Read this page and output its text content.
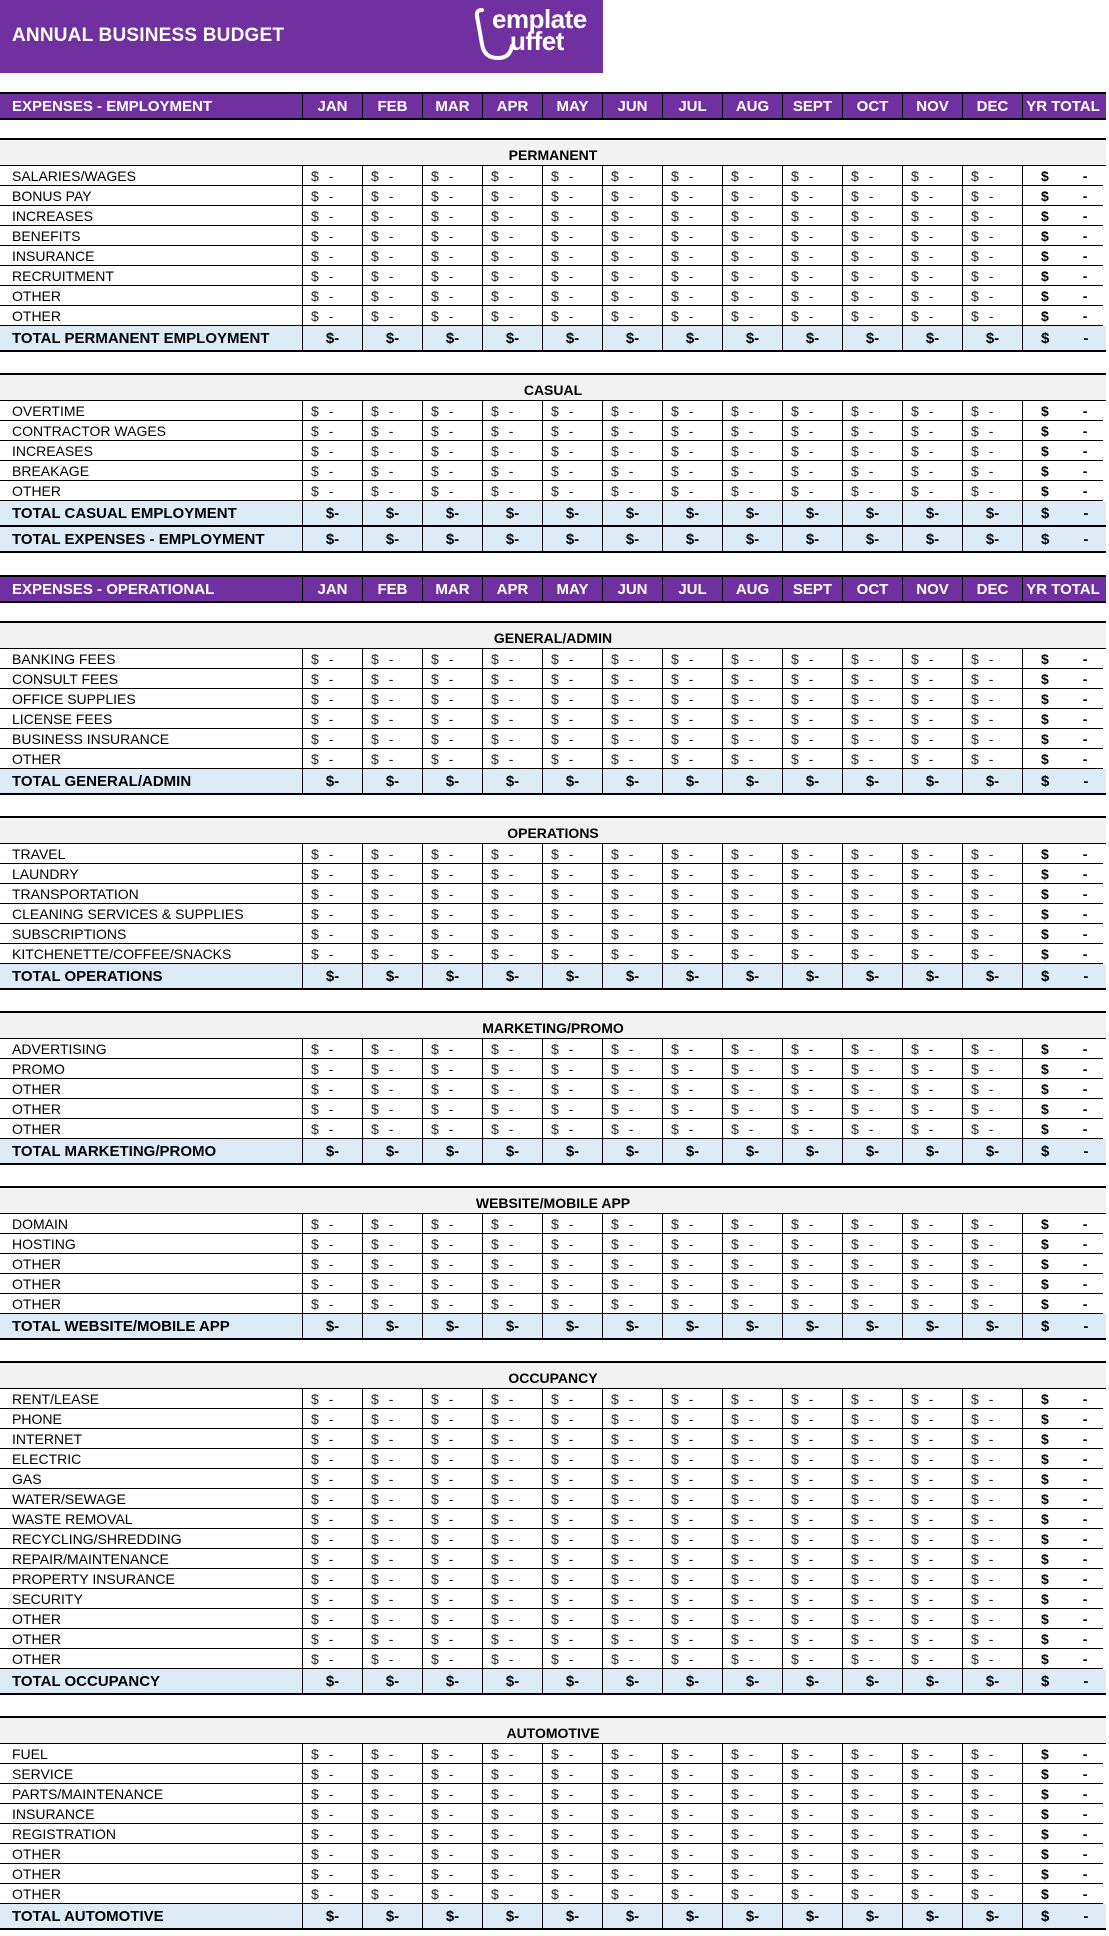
ANNUAL BUSINESS BUDGET
emplate
uffet
EXPENSES - EMPLOYMENT	JAN	FEB	MAR	APR	MAY	JUN	JUL	AUG	SEPT	OCT	NOV	DEC	YR TOTAL
PERMANENT
SALARIES/WAGES	$ -	$ -	$ -	$ -	$ -	$ -	$ -	$ -	$ -	$ -	$ -	$ -	$ -
BONUS PAY	$ -	$ -	$ -	$ -	$ -	$ -	$ -	$ -	$ -	$ -	$ -	$ -	$ -
INCREASES	$ -	$ -	$ -	$ -	$ -	$ -	$ -	$ -	$ -	$ -	$ -	$ -	$ -
BENEFITS	$ -	$ -	$ -	$ -	$ -	$ -	$ -	$ -	$ -	$ -	$ -	$ -	$ -
INSURANCE	$ -	$ -	$ -	$ -	$ -	$ -	$ -	$ -	$ -	$ -	$ -	$ -	$ -
RECRUITMENT	$ -	$ -	$ -	$ -	$ -	$ -	$ -	$ -	$ -	$ -	$ -	$ -	$ -
OTHER	$ -	$ -	$ -	$ -	$ -	$ -	$ -	$ -	$ -	$ -	$ -	$ -	$ -
OTHER	$ -	$ -	$ -	$ -	$ -	$ -	$ -	$ -	$ -	$ -	$ -	$ -	$ -
TOTAL PERMANENT EMPLOYMENT	$ -	$ -	$ -	$ -	$ -	$ -	$ -	$ -	$ -	$ -	$ -	$ -	$ -
CASUAL
OVERTIME	$ -	$ -	$ -	$ -	$ -	$ -	$ -	$ -	$ -	$ -	$ -	$ -	$ -
CONTRACTOR WAGES	$ -	$ -	$ -	$ -	$ -	$ -	$ -	$ -	$ -	$ -	$ -	$ -	$ -
INCREASES	$ -	$ -	$ -	$ -	$ -	$ -	$ -	$ -	$ -	$ -	$ -	$ -	$ -
BREAKAGE	$ -	$ -	$ -	$ -	$ -	$ -	$ -	$ -	$ -	$ -	$ -	$ -	$ -
OTHER	$ -	$ -	$ -	$ -	$ -	$ -	$ -	$ -	$ -	$ -	$ -	$ -	$ -
TOTAL CASUAL EMPLOYMENT	$ -	$ -	$ -	$ -	$ -	$ -	$ -	$ -	$ -	$ -	$ -	$ -	$ -
TOTAL EXPENSES - EMPLOYMENT	$ -	$ -	$ -	$ -	$ -	$ -	$ -	$ -	$ -	$ -	$ -	$ -	$ -
EXPENSES - OPERATIONAL	JAN	FEB	MAR	APR	MAY	JUN	JUL	AUG	SEPT	OCT	NOV	DEC	YR TOTAL
GENERAL/ADMIN
BANKING FEES	$ -	$ -	$ -	$ -	$ -	$ -	$ -	$ -	$ -	$ -	$ -	$ -	$ -
CONSULT FEES	$ -	$ -	$ -	$ -	$ -	$ -	$ -	$ -	$ -	$ -	$ -	$ -	$ -
OFFICE SUPPLIES	$ -	$ -	$ -	$ -	$ -	$ -	$ -	$ -	$ -	$ -	$ -	$ -	$ -
LICENSE FEES	$ -	$ -	$ -	$ -	$ -	$ -	$ -	$ -	$ -	$ -	$ -	$ -	$ -
BUSINESS INSURANCE	$ -	$ -	$ -	$ -	$ -	$ -	$ -	$ -	$ -	$ -	$ -	$ -	$ -
OTHER	$ -	$ -	$ -	$ -	$ -	$ -	$ -	$ -	$ -	$ -	$ -	$ -	$ -
TOTAL GENERAL/ADMIN	$ -	$ -	$ -	$ -	$ -	$ -	$ -	$ -	$ -	$ -	$ -	$ -	$ -
OPERATIONS
TRAVEL	$ -	$ -	$ -	$ -	$ -	$ -	$ -	$ -	$ -	$ -	$ -	$ -	$ -
LAUNDRY	$ -	$ -	$ -	$ -	$ -	$ -	$ -	$ -	$ -	$ -	$ -	$ -	$ -
TRANSPORTATION	$ -	$ -	$ -	$ -	$ -	$ -	$ -	$ -	$ -	$ -	$ -	$ -	$ -
CLEANING SERVICES & SUPPLIES	$ -	$ -	$ -	$ -	$ -	$ -	$ -	$ -	$ -	$ -	$ -	$ -	$ -
SUBSCRIPTIONS	$ -	$ -	$ -	$ -	$ -	$ -	$ -	$ -	$ -	$ -	$ -	$ -	$ -
KITCHENETTE/COFFEE/SNACKS	$ -	$ -	$ -	$ -	$ -	$ -	$ -	$ -	$ -	$ -	$ -	$ -	$ -
TOTAL OPERATIONS	$ -	$ -	$ -	$ -	$ -	$ -	$ -	$ -	$ -	$ -	$ -	$ -	$ -
MARKETING/PROMO
ADVERTISING	$ -	$ -	$ -	$ -	$ -	$ -	$ -	$ -	$ -	$ -	$ -	$ -	$ -
PROMO	$ -	$ -	$ -	$ -	$ -	$ -	$ -	$ -	$ -	$ -	$ -	$ -	$ -
OTHER	$ -	$ -	$ -	$ -	$ -	$ -	$ -	$ -	$ -	$ -	$ -	$ -	$ -
OTHER	$ -	$ -	$ -	$ -	$ -	$ -	$ -	$ -	$ -	$ -	$ -	$ -	$ -
OTHER	$ -	$ -	$ -	$ -	$ -	$ -	$ -	$ -	$ -	$ -	$ -	$ -	$ -
TOTAL MARKETING/PROMO	$ -	$ -	$ -	$ -	$ -	$ -	$ -	$ -	$ -	$ -	$ -	$ -	$ -
WEBSITE/MOBILE APP
DOMAIN	$ -	$ -	$ -	$ -	$ -	$ -	$ -	$ -	$ -	$ -	$ -	$ -	$ -
HOSTING	$ -	$ -	$ -	$ -	$ -	$ -	$ -	$ -	$ -	$ -	$ -	$ -	$ -
OTHER	$ -	$ -	$ -	$ -	$ -	$ -	$ -	$ -	$ -	$ -	$ -	$ -	$ -
OTHER	$ -	$ -	$ -	$ -	$ -	$ -	$ -	$ -	$ -	$ -	$ -	$ -	$ -
OTHER	$ -	$ -	$ -	$ -	$ -	$ -	$ -	$ -	$ -	$ -	$ -	$ -	$ -
TOTAL WEBSITE/MOBILE APP	$ -	$ -	$ -	$ -	$ -	$ -	$ -	$ -	$ -	$ -	$ -	$ -	$ -
OCCUPANCY
RENT/LEASE	$ -	$ -	$ -	$ -	$ -	$ -	$ -	$ -	$ -	$ -	$ -	$ -	$ -
PHONE	$ -	$ -	$ -	$ -	$ -	$ -	$ -	$ -	$ -	$ -	$ -	$ -	$ -
INTERNET	$ -	$ -	$ -	$ -	$ -	$ -	$ -	$ -	$ -	$ -	$ -	$ -	$ -
ELECTRIC	$ -	$ -	$ -	$ -	$ -	$ -	$ -	$ -	$ -	$ -	$ -	$ -	$ -
GAS	$ -	$ -	$ -	$ -	$ -	$ -	$ -	$ -	$ -	$ -	$ -	$ -	$ -
WATER/SEWAGE	$ -	$ -	$ -	$ -	$ -	$ -	$ -	$ -	$ -	$ -	$ -	$ -	$ -
WASTE REMOVAL	$ -	$ -	$ -	$ -	$ -	$ -	$ -	$ -	$ -	$ -	$ -	$ -	$ -
RECYCLING/SHREDDING	$ -	$ -	$ -	$ -	$ -	$ -	$ -	$ -	$ -	$ -	$ -	$ -	$ -
REPAIR/MAINTENANCE	$ -	$ -	$ -	$ -	$ -	$ -	$ -	$ -	$ -	$ -	$ -	$ -	$ -
PROPERTY INSURANCE	$ -	$ -	$ -	$ -	$ -	$ -	$ -	$ -	$ -	$ -	$ -	$ -	$ -
SECURITY	$ -	$ -	$ -	$ -	$ -	$ -	$ -	$ -	$ -	$ -	$ -	$ -	$ -
OTHER	$ -	$ -	$ -	$ -	$ -	$ -	$ -	$ -	$ -	$ -	$ -	$ -	$ -
OTHER	$ -	$ -	$ -	$ -	$ -	$ -	$ -	$ -	$ -	$ -	$ -	$ -	$ -
OTHER	$ -	$ -	$ -	$ -	$ -	$ -	$ -	$ -	$ -	$ -	$ -	$ -	$ -
TOTAL OCCUPANCY	$ -	$ -	$ -	$ -	$ -	$ -	$ -	$ -	$ -	$ -	$ -	$ -	$ -
AUTOMOTIVE
FUEL	$ -	$ -	$ -	$ -	$ -	$ -	$ -	$ -	$ -	$ -	$ -	$ -	$ -
SERVICE	$ -	$ -	$ -	$ -	$ -	$ -	$ -	$ -	$ -	$ -	$ -	$ -	$ -
PARTS/MAINTENANCE	$ -	$ -	$ -	$ -	$ -	$ -	$ -	$ -	$ -	$ -	$ -	$ -	$ -
INSURANCE	$ -	$ -	$ -	$ -	$ -	$ -	$ -	$ -	$ -	$ -	$ -	$ -	$ -
REGISTRATION	$ -	$ -	$ -	$ -	$ -	$ -	$ -	$ -	$ -	$ -	$ -	$ -	$ -
OTHER	$ -	$ -	$ -	$ -	$ -	$ -	$ -	$ -	$ -	$ -	$ -	$ -	$ -
OTHER	$ -	$ -	$ -	$ -	$ -	$ -	$ -	$ -	$ -	$ -	$ -	$ -	$ -
OTHER	$ -	$ -	$ -	$ -	$ -	$ -	$ -	$ -	$ -	$ -	$ -	$ -	$ -
TOTAL AUTOMOTIVE	$ -	$ -	$ -	$ -	$ -	$ -	$ -	$ -	$ -	$ -	$ -	$ -	$ -
